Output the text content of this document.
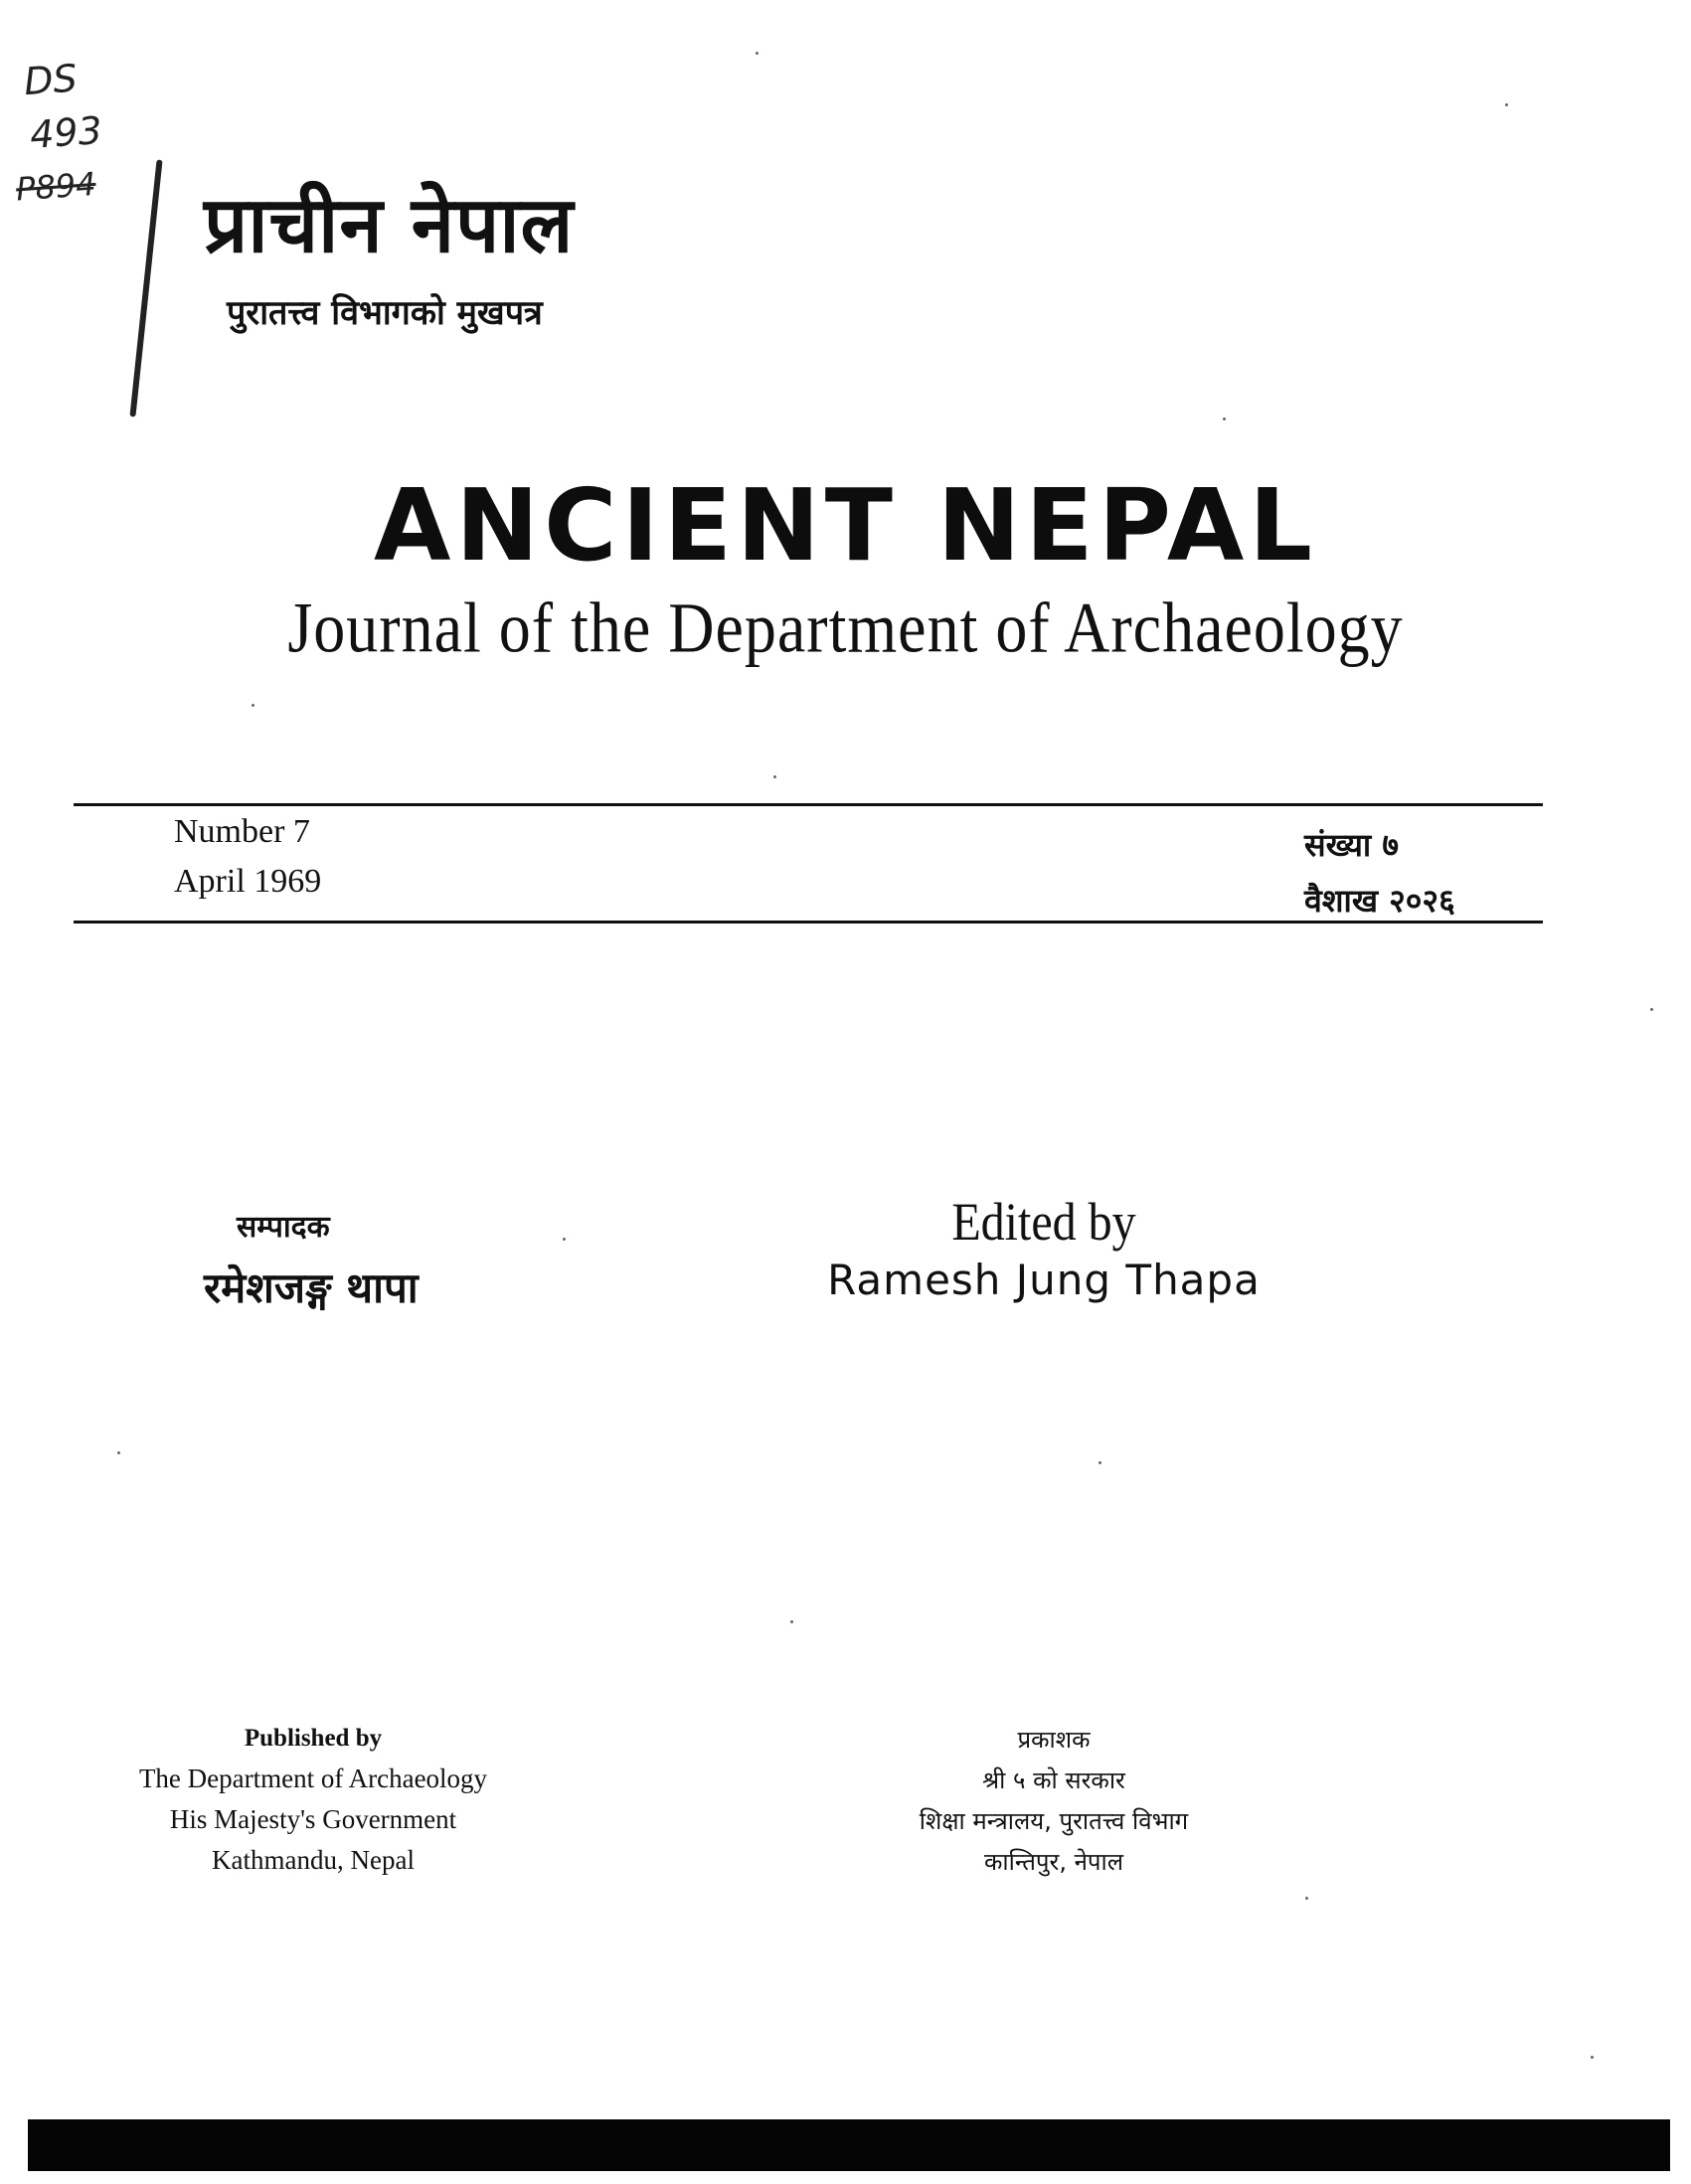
DS
493
P894	प्राचीन नेपाल
पुरातत्त्व विभागको मुखपत्र
ANCIENT NEPAL
Journal of the Department of Archaeology
Number 7
April 1969
संख्या ७
वैशाख २०२६
सम्पादक
रमेशजङ्ग थापा
Edited by
Ramesh Jung Thapa
Published by
The Department of Archaeology
His Majesty's Government
Kathmandu, Nepal
प्रकाशक
श्री ५ को सरकार
शिक्षा मन्त्रालय, पुरातत्त्व विभाग
कान्तिपुर, नेपाल
